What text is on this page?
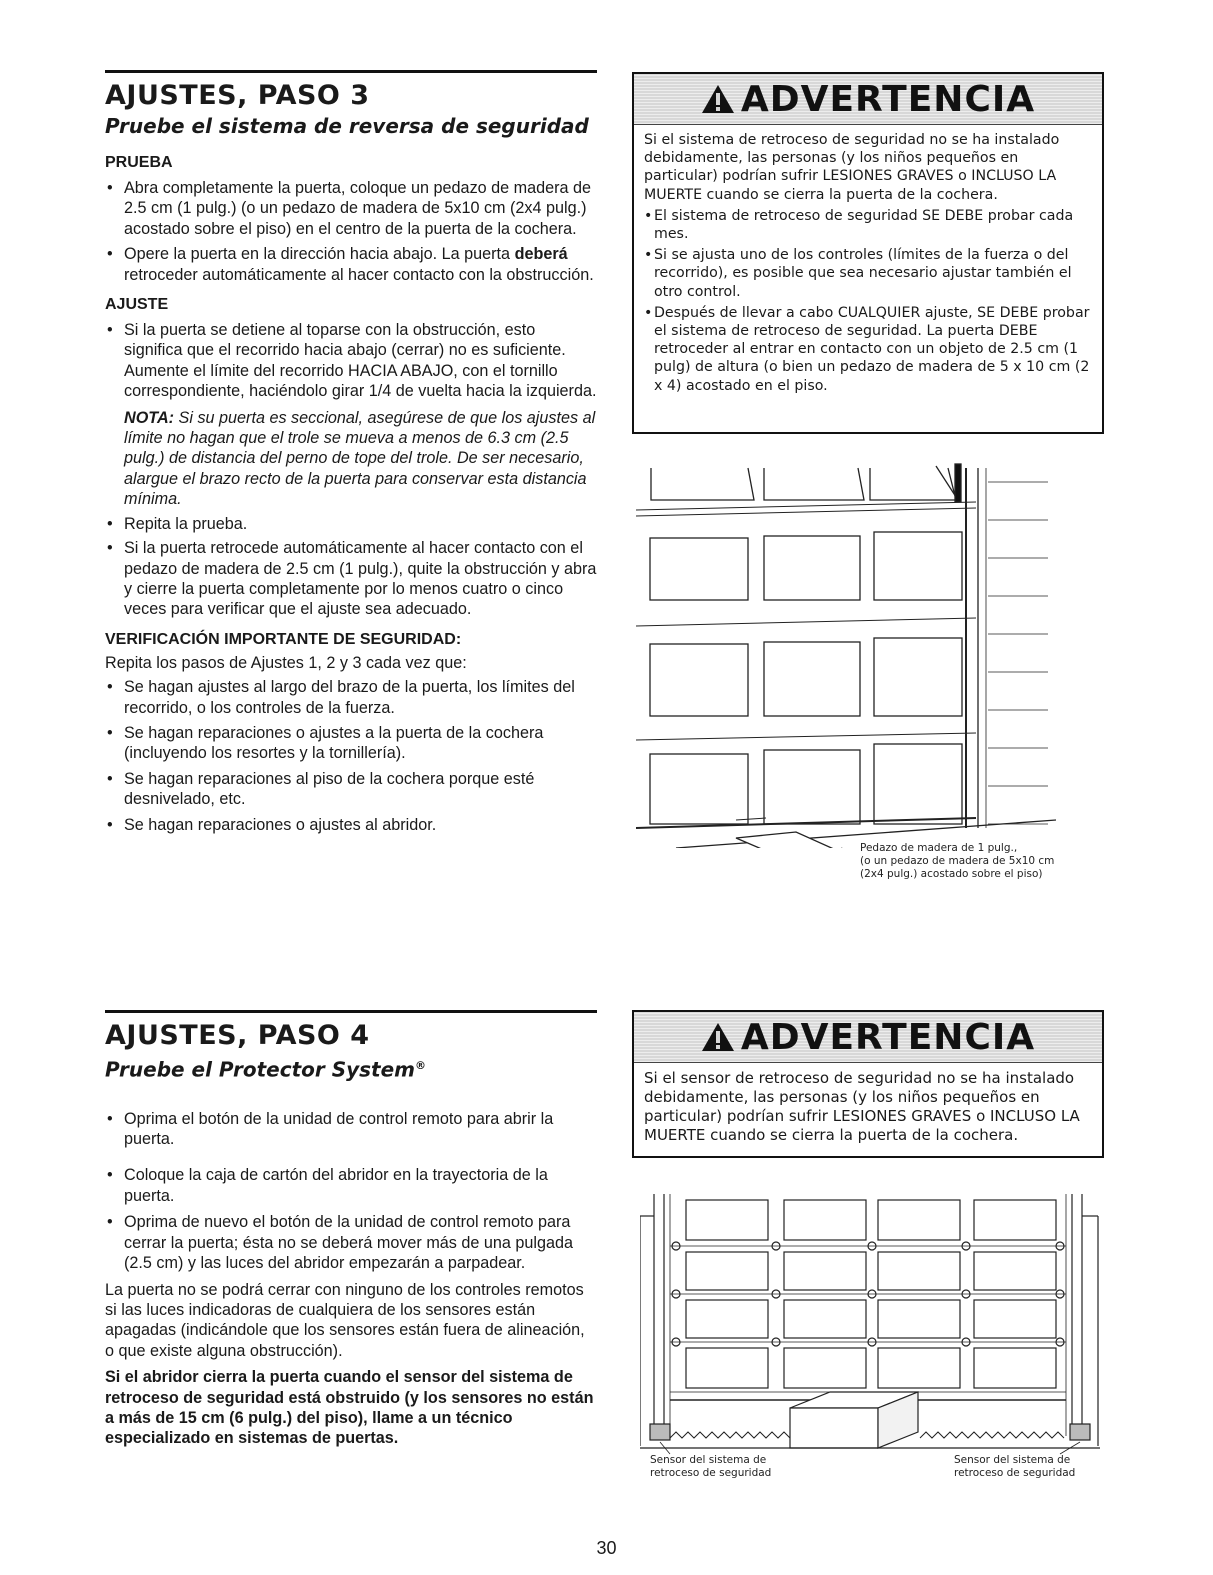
AJUSTES, PASO 3
Pruebe el sistema de reversa de seguridad
PRUEBA
• Abra completamente la puerta, coloque un pedazo de madera de 2.5 cm (1 pulg.) (o un pedazo de madera de 5x10 cm (2x4 pulg.) acostado sobre el piso) en el centro de la puerta de la cochera.
• Opere la puerta en la dirección hacia abajo. La puerta deberá retroceder automáticamente al hacer contacto con la obstrucción.
AJUSTE
• Si la puerta se detiene al toparse con la obstrucción, esto significa que el recorrido hacia abajo (cerrar) no es suficiente. Aumente el límite del recorrido HACIA ABAJO, con el tornillo correspondiente, haciéndolo girar 1/4 de vuelta hacia la izquierda.
NOTA: Si su puerta es seccional, asegúrese de que los ajustes al límite no hagan que el trole se mueva a menos de 6.3 cm (2.5 pulg.) de distancia del perno de tope del trole. De ser necesario, alargue el brazo recto de la puerta para conservar esta distancia mínima.
• Repita la prueba.
• Si la puerta retrocede automáticamente al hacer contacto con el pedazo de madera de 2.5 cm (1 pulg.), quite la obstrucción y abra y cierre la puerta completamente por lo menos cuatro o cinco veces para verificar que el ajuste sea adecuado.
VERIFICACIÓN IMPORTANTE DE SEGURIDAD:

Repita los pasos de Ajustes 1, 2 y 3 cada vez que:

• Se hagan ajustes al largo del brazo de la puerta, los límites del recorrido, o los controles de la fuerza.
• Se hagan reparaciones o ajustes a la puerta de la cochera (incluyendo los resortes y la tornillería).
• Se hagan reparaciones al piso de la cochera porque esté desnivelado, etc.
• Se hagan reparaciones o ajustes al abridor.
AJUSTES, PASO 4
Pruebe el Protector System®
• Oprima el botón de la unidad de control remoto para abrir la puerta.
• Coloque la caja de cartón del abridor en la trayectoria de la puerta.
• Oprima de nuevo el botón de la unidad de control remoto para cerrar la puerta; ésta no se deberá mover más de una pulgada (2.5 cm) y las luces del abridor empezarán a parpadear.

La puerta no se podrá cerrar con ninguno de los controles remotos si las luces indicadoras de cualquiera de los sensores están apagadas (indicándole que los sensores están fuera de alineación, o que existe alguna obstrucción).

Si el abridor cierra la puerta cuando el sensor del sistema de retroceso de seguridad está obstruido (y los sensores no están a más de 15 cm (6 pulg.) del piso), llame a un técnico especializado en sistemas de puertas.

ADVERTENCIA

Si el sistema de retroceso de seguridad no se ha instalado debidamente, las personas (y los niños pequeños en particular) podrían sufrir LESIONES GRAVES o INCLUSO LA MUERTE cuando se cierra la puerta de la cochera.

• El sistema de retroceso de seguridad SE DEBE probar cada mes.
• Si se ajusta uno de los controles (límites de la fuerza o del recorrido), es posible que sea necesario ajustar también el otro control.
• Después de llevar a cabo CUALQUIER ajuste, SE DEBE probar el sistema de retroceso de seguridad. La puerta DEBE retroceder al entrar en contacto con un objeto de 2.5 cm (1 pulg) de altura (o bien un pedazo de madera de 5 x 10 cm (2 x 4) acostado en el piso.
Pedazo de madera de 1 pulg.,
(o un pedazo de madera de 5x10 cm
(2x4 pulg.) acostado sobre el piso)
ADVERTENCIA

Si el sensor de retroceso de seguridad no se ha instalado debidamente, las personas (y los niños pequeños en particular) podrían sufrir LESIONES GRAVES o INCLUSO LA MUERTE cuando se cierra la puerta de la cochera.

Sensor del sistema de
retroceso de seguridad
Sensor del sistema de
retroceso de seguridad
30
